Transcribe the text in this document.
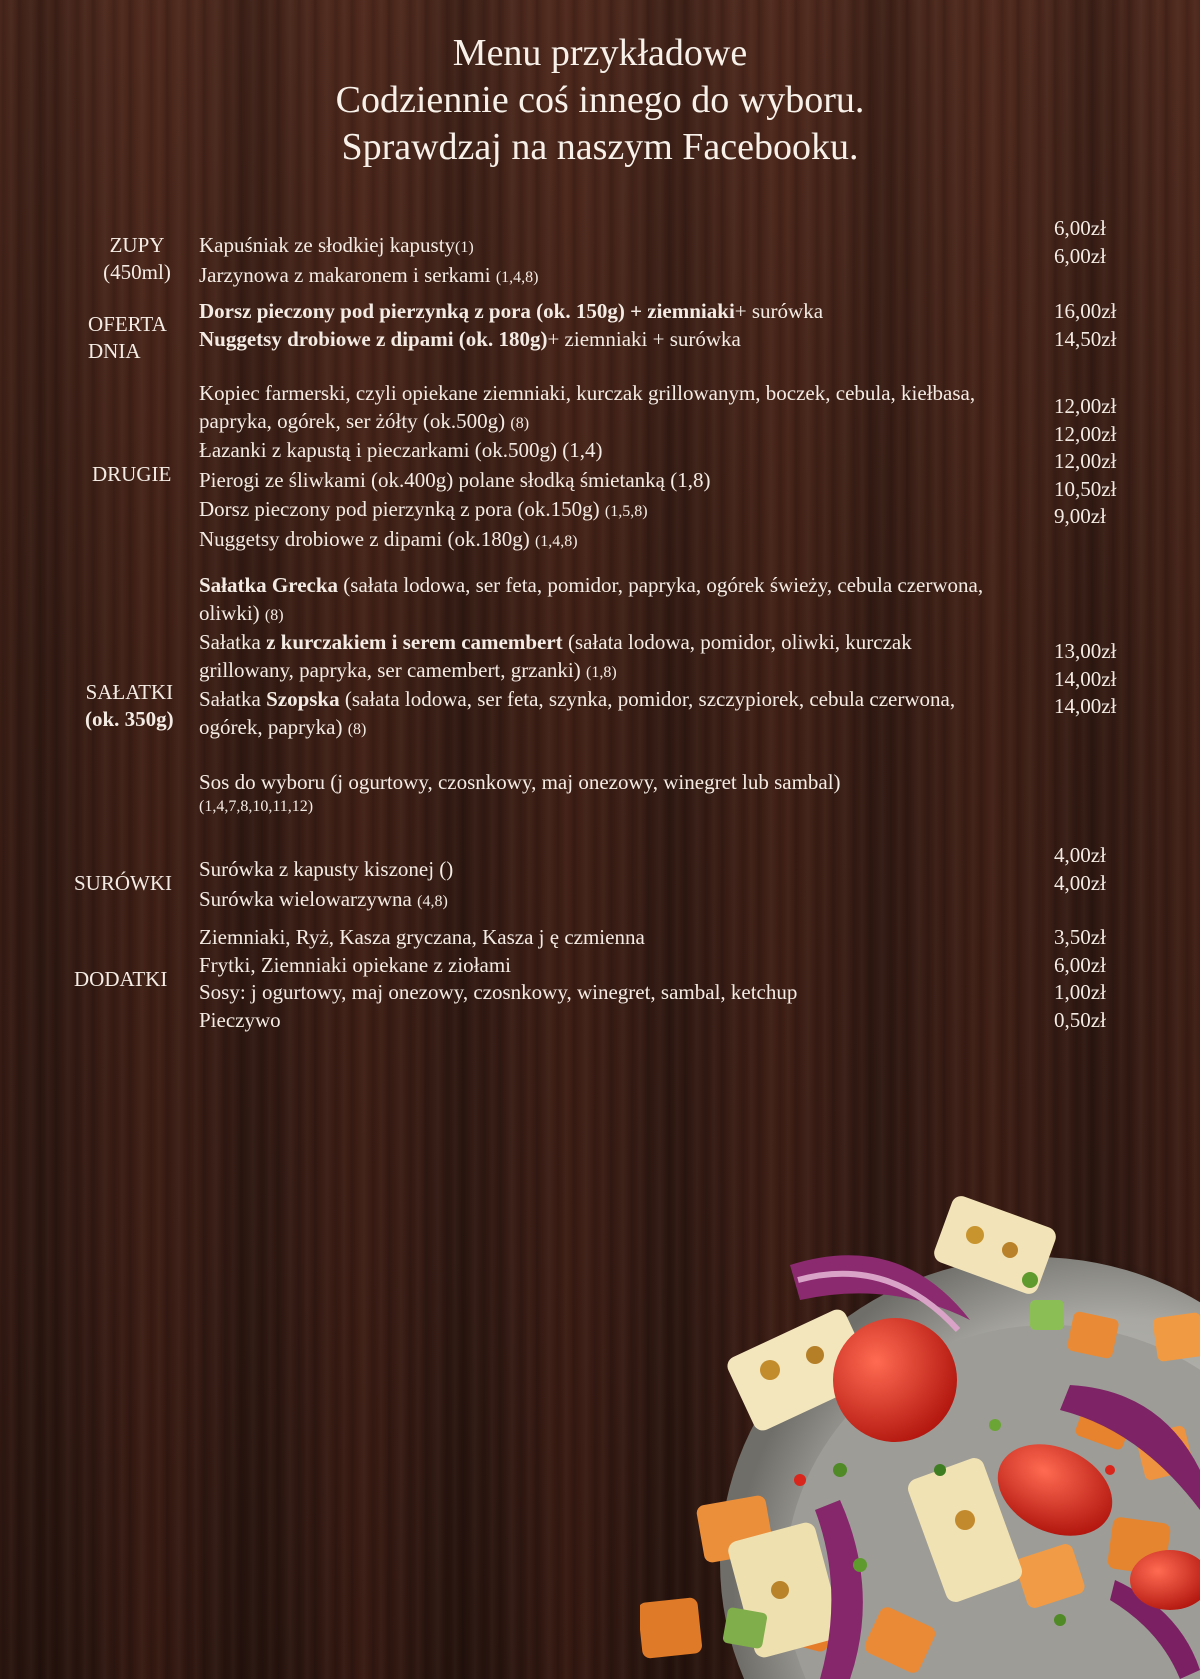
Menu przykładowe
Codziennie coś innego do wyboru.
Sprawdzaj na naszym Facebooku.
ZUPY
(450ml)
Kapuśniak ze słodkiej kapusty(1)
Jarzynowa z makaronem i serkami (1,4,8)
6,00zł
6,00zł
OFERTA
DNIA
Dorsz pieczony pod pierzynką z pora (ok. 150g) + ziemniaki+ surówka
Nuggetsy drobiowe z dipami (ok. 180g)+ ziemniaki + surówka
16,00zł
14,50zł
DRUGIE
Kopiec farmerski, czyli opiekane ziemniaki, kurczak grillowanym, boczek, cebula, kiełbasa, papryka, ogórek, ser żółty (ok.500g) (8)
Łazanki z kapustą i pieczarkami (ok.500g) (1,4)
Pierogi ze śliwkami (ok.400g) polane słodką śmietanką (1,8)
Dorsz pieczony pod pierzynką z pora (ok.150g) (1,5,8)
Nuggetsy drobiowe z dipami (ok.180g) (1,4,8)
12,00zł
12,00zł
12,00zł
10,50zł
9,00zł
SAŁATKI
(ok. 350g)
Sałatka Grecka (sałata lodowa, ser feta, pomidor, papryka, ogórek świeży, cebula czerwona, oliwki) (8)
Sałatka z kurczakiem i serem camembert (sałata lodowa, pomidor, oliwki, kurczak grillowany, papryka, ser camembert, grzanki) (1,8)
Sałatka Szopska (sałata lodowa, ser feta, szynka, pomidor, szczypiorek, cebula czerwona, ogórek, papryka) (8)
Sos do wyboru (j ogurtowy, czosnkowy, maj onezowy, winegret lub sambal)
(1,4,7,8,10,11,12)
13,00zł
14,00zł
14,00zł
SURÓWKI
Surówka z kapusty kiszonej ()
Surówka wielowarzywna (4,8)
4,00zł
4,00zł
DODATKI
Ziemniaki, Ryż, Kasza gryczana, Kasza j ę czmienna
Frytki, Ziemniaki opiekane z ziołami
Sosy: j ogurtowy, maj onezowy, czosnkowy, winegret, sambal, ketchup
Pieczywo
3,50zł
6,00zł
1,00zł
0,50zł
